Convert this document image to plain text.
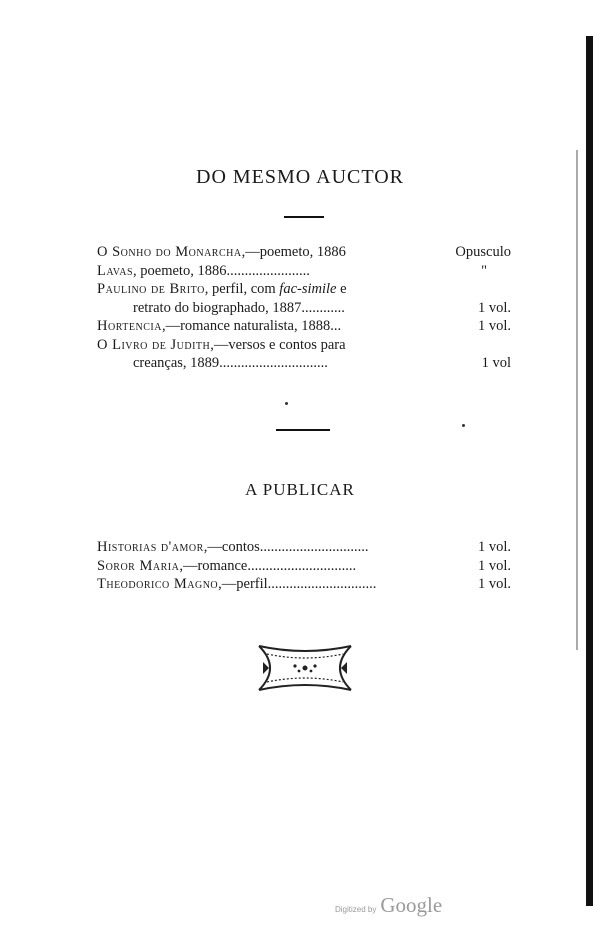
DO MESMO AUCTOR
O Sonho do Monarcha,—poemeto, 1886	Opusculo
Lavas, poemeto, 1886.......................	"
Paulino de Brito, perfil, com fac-simile e
retrato do biographado, 1887............	1 vol.
Hortencia,—romance naturalista, 1888...	1 vol.
O Livro de Judith,—versos e contos para
creanças, 1889..............................	1 vol
A PUBLICAR
Historias d'amor,—contos..............................	1 vol.
Soror Maria,—romance..............................	1 vol.
Theodorico Magno,—perfil..............................	1 vol.
Digitized by Google
